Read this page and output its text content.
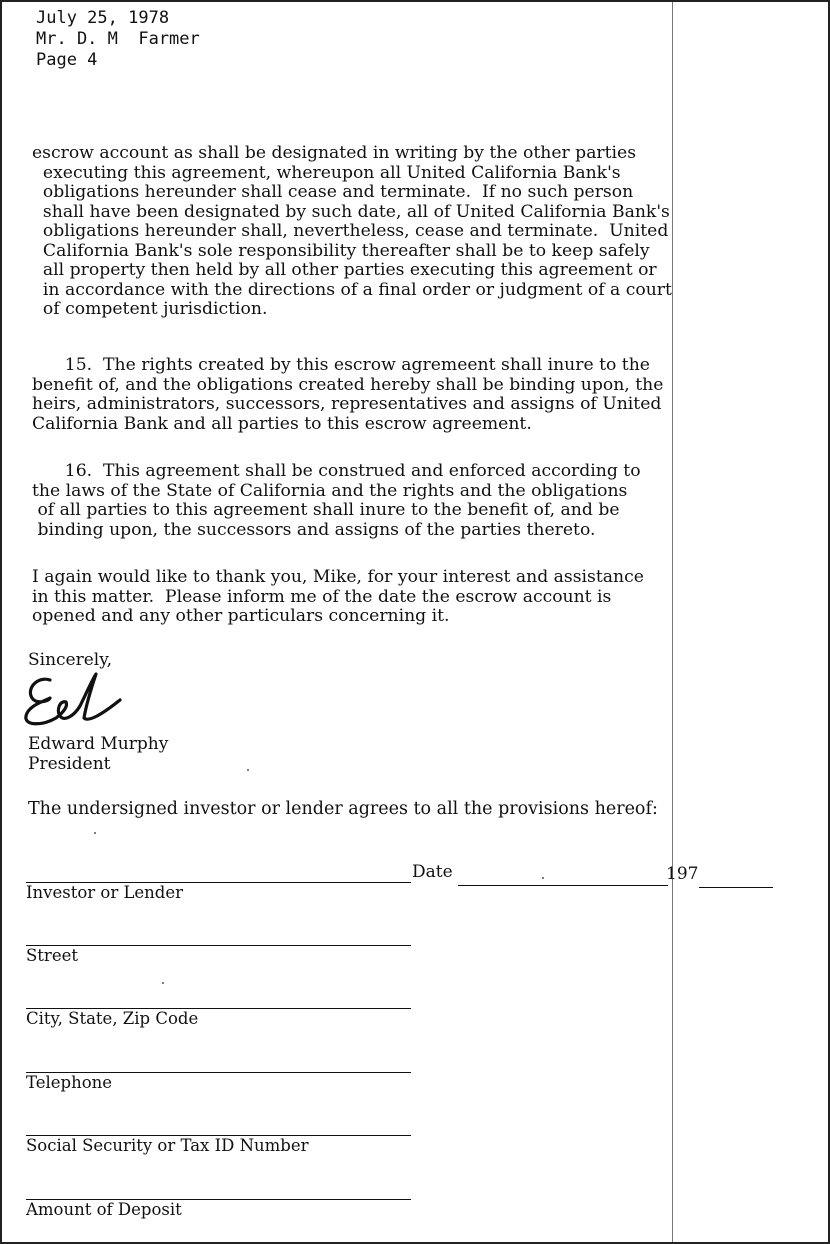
July 25, 1978
Mr. D. M  Farmer
Page 4
escrow account as shall be designated in writing by the other parties
executing this agreement, whereupon all United California Bank's
obligations hereunder shall cease and terminate.  If no such person
shall have been designated by such date, all of United California Bank's
obligations hereunder shall, nevertheless, cease and terminate.  United
California Bank's sole responsibility thereafter shall be to keep safely
all property then held by all other parties executing this agreement or
in accordance with the directions of a final order or judgment of a court
of competent jurisdiction.
15.  The rights created by this escrow agremeent shall inure to the
benefit of, and the obligations created hereby shall be binding upon, the
heirs, administrators, successors, representatives and assigns of United
California Bank and all parties to this escrow agreement.
16.  This agreement shall be construed and enforced according to
the laws of the State of California and the rights and the obligations
of all parties to this agreement shall inure to the benefit of, and be
binding upon, the successors and assigns of the parties thereto.
I again would like to thank you, Mike, for your interest and assistance
in this matter.  Please inform me of the date the escrow account is
opened and any other particulars concerning it.
Sincerely,
Edward Murphy
President
The undersigned investor or lender agrees to all the provisions hereof:
Investor or Lender
Date	197
Street
City, State, Zip Code
Telephone
Social Security or Tax ID Number
Amount of Deposit
